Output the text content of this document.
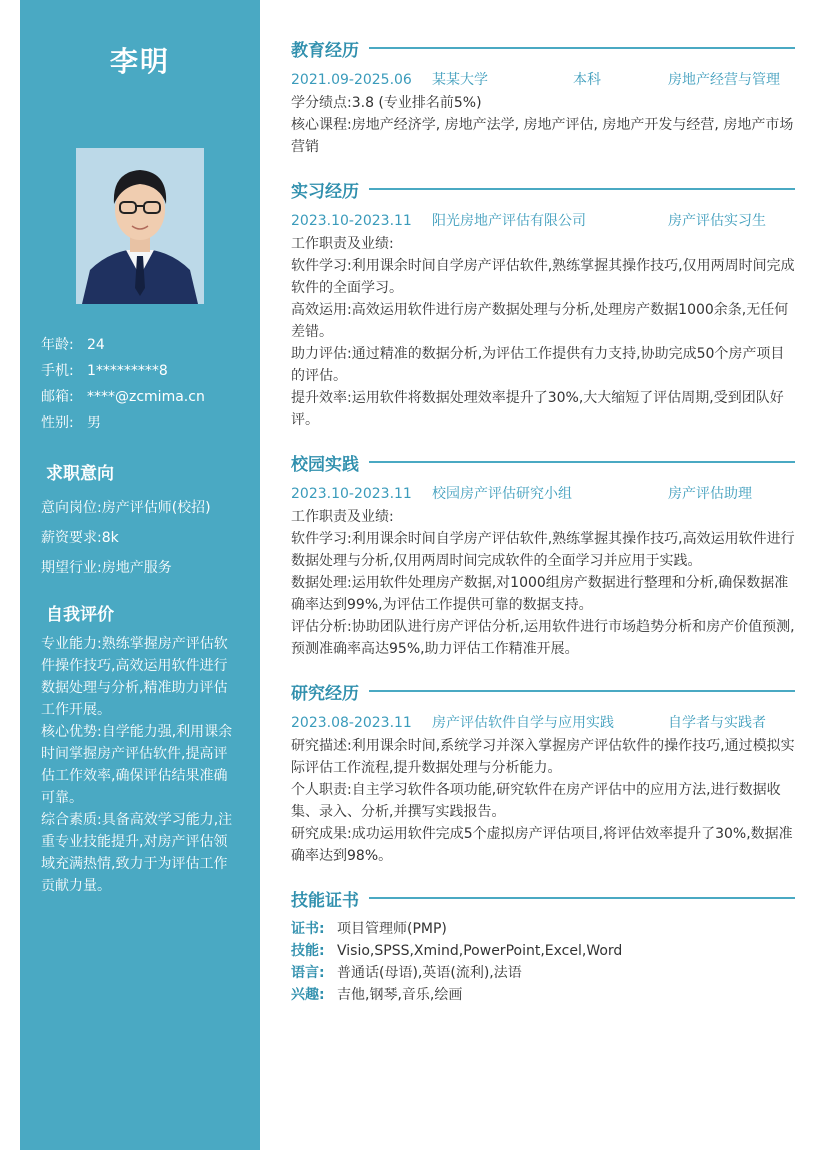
李明
年龄: 24
手机: 1*********8
邮箱: ****@zcmima.cn
性别: 男
求职意向
意向岗位:房产评估师(校招)
薪资要求:8k
期望行业:房地产服务
自我评价

专业能力:熟练掌握房产评估软件操作技巧,高效运用软件进行数据处理与分析,精准助力评估工作开展。

核心优势:自学能力强,利用课余时间掌握房产评估软件,提高评估工作效率,确保评估结果准确可靠。

综合素质:具备高效学习能力,注重专业技能提升,对房产评估领域充满热情,致力于为评估工作贡献力量。

教育经历
2021.09-2025.06 某某大学	本科	房地产经营与管理

学分绩点:3.8 (专业排名前5%)

核心课程:房地产经济学, 房地产法学, 房地产评估, 房地产开发与经营, 房地产市场营销

实习经历
2023.10-2023.11 阳光房地产评估有限公司	房产评估实习生

工作职责及业绩:

软件学习:利用课余时间自学房产评估软件,熟练掌握其操作技巧,仅用两周时间完成软件的全面学习。

高效运用:高效运用软件进行房产数据处理与分析,处理房产数据1000余条,无任何差错。

助力评估:通过精准的数据分析,为评估工作提供有力支持,协助完成50个房产项目的评估。

提升效率:运用软件将数据处理效率提升了30%,大大缩短了评估周期,受到团队好评。

校园实践
2023.10-2023.11 校园房产评估研究小组	房产评估助理

工作职责及业绩:

软件学习:利用课余时间自学房产评估软件,熟练掌握其操作技巧,高效运用软件进行数据处理与分析,仅用两周时间完成软件的全面学习并应用于实践。

数据处理:运用软件处理房产数据,对1000组房产数据进行整理和分析,确保数据准确率达到99%,为评估工作提供可靠的数据支持。

评估分析:协助团队进行房产评估分析,运用软件进行市场趋势分析和房产价值预测,预测准确率高达95%,助力评估工作精准开展。

研究经历
2023.08-2023.11 房产评估软件自学与应用实践	自学者与实践者

研究描述:利用课余时间,系统学习并深入掌握房产评估软件的操作技巧,通过模拟实际评估工作流程,提升数据处理与分析能力。

个人职责:自主学习软件各项功能,研究软件在房产评估中的应用方法,进行数据收集、录入、分析,并撰写实践报告。

研究成果:成功运用软件完成5个虚拟房产评估项目,将评估效率提升了30%,数据准确率达到98%。

技能证书
证书: 项目管理师(PMP)
技能: Visio,SPSS,Xmind,PowerPoint,Excel,Word
语言: 普通话(母语),英语(流利),法语
兴趣: 吉他,钢琴,音乐,绘画
